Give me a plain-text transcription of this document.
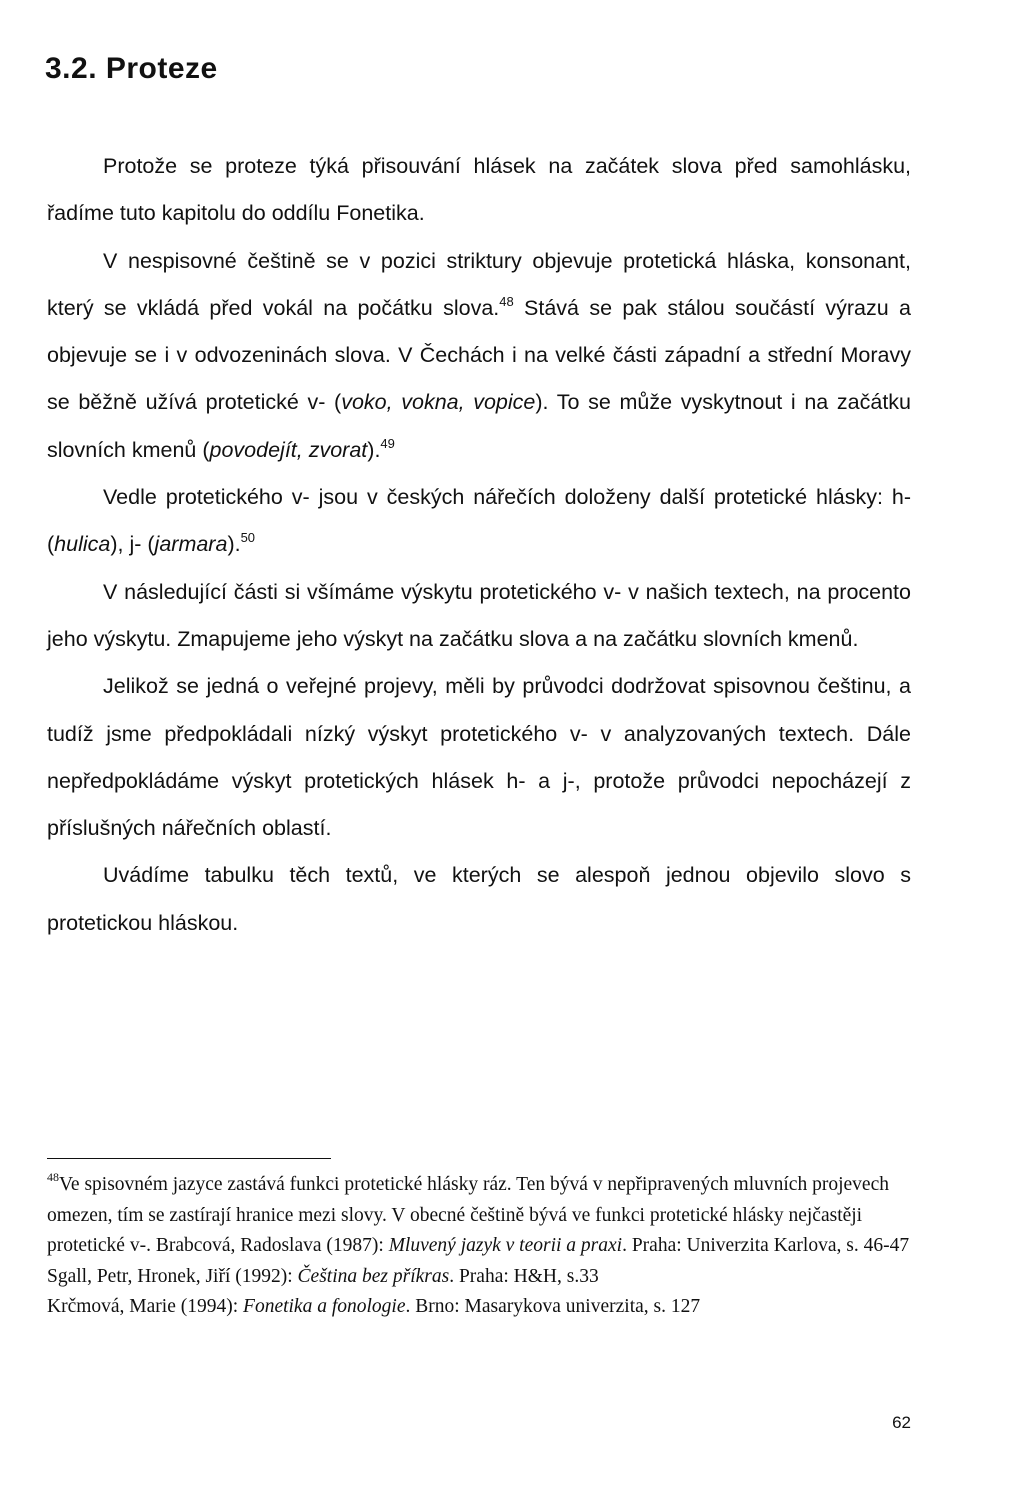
3.2. Proteze

Protože se proteze týká přisouvání hlásek na začátek slova před samohlásku, řadíme tuto kapitolu do oddílu Fonetika.

V nespisovné češtině se v pozici striktury objevuje protetická hláska, konsonant, který se vkládá před vokál na počátku slova.$^{48}$ Stává se pak stálou součástí výrazu a objevuje se i v odvozeninách slova. V Čechách i na velké části západní a střední Moravy se běžně užívá protetické v- (voko, vokna, vopice). To se může vyskytnout i na začátku slovních kmenů (povodejít, zvorat).$^{49}$

Vedle protetického v- jsou v českých nářečích doloženy další protetické hlásky: h- (hulica), j- (jarmara).$^{50}$

V následující části si všímáme výskytu protetického v- v našich textech, na procento jeho výskytu. Zmapujeme jeho výskyt na začátku slova a na začátku slovních kmenů.

Jelikož se jedná o veřejné projevy, měli by průvodci dodržovat spisovnou češtinu, a tudíž jsme předpokládali nízký výskyt protetického v- v analyzovaných textech. Dále nepředpokládáme výskyt protetických hlásek h- a j-, protože průvodci nepocházejí z příslušných nářečních oblastí.

Uvádíme tabulku těch textů, ve kterých se alespoň jednou objevilo slovo s protetickou hláskou.

$^{48}$Ve spisovném jazyce zastává funkci protetické hlásky ráz. Ten bývá v nepřipravených mluvních projevech omezen, tím se zastírají hranice mezi slovy. V obecné češtině bývá ve funkci protetické hlásky nejčastěji protetické v-. Brabcová, Radoslava (1987): Mluvený jazyk v teorii a praxi. Praha: Univerzita Karlova, s. 46-47

Sgall, Petr, Hronek, Jiří (1992): Čeština bez příkras. Praha: H&H, s.33

Krčmová, Marie (1994): Fonetika a fonologie. Brno: Masarykova univerzita, s. 127

62
